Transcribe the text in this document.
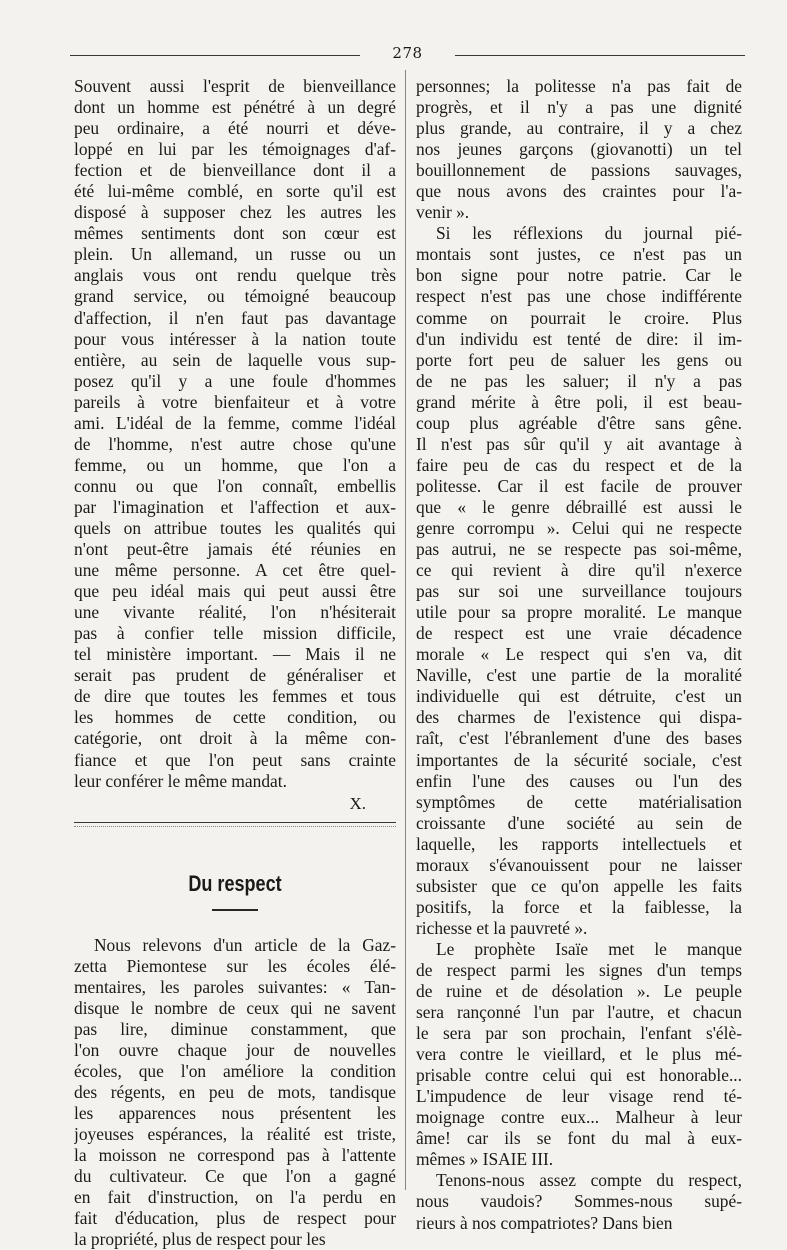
278
Souvent aussi l'esprit de bienveillance
dont un homme est pénétré à un degré
peu ordinaire, a été nourri et déve-
loppé en lui par les témoignages d'af-
fection et de bienveillance dont il a
été lui-même comblé, en sorte qu'il est
disposé à supposer chez les autres les
mêmes sentiments dont son cœur est
plein. Un allemand, un russe ou un
anglais vous ont rendu quelque très
grand service, ou témoigné beaucoup
d'affection, il n'en faut pas davantage
pour vous intéresser à la nation toute
entière, au sein de laquelle vous sup-
posez qu'il y a une foule d'hommes
pareils à votre bienfaiteur et à votre
ami. L'idéal de la femme, comme l'idéal
de l'homme, n'est autre chose qu'une
femme, ou un homme, que l'on a
connu ou que l'on connaît, embellis
par l'imagination et l'affection et aux-
quels on attribue toutes les qualités qui
n'ont peut-être jamais été réunies en
une même personne. A cet être quel-
que peu idéal mais qui peut aussi être
une vivante réalité, l'on n'hésiterait
pas à confier telle mission difficile,
tel ministère important. — Mais il ne
serait pas prudent de généraliser et
de dire que toutes les femmes et tous
les hommes de cette condition, ou
catégorie, ont droit à la même con-
fiance et que l'on peut sans crainte
leur conférer le même mandat.
X.
Du respect
Nous relevons d'un article de la Gaz-
zetta Piemontese sur les écoles élé-
mentaires, les paroles suivantes: « Tan-
disque le nombre de ceux qui ne savent
pas lire, diminue constamment, que
l'on ouvre chaque jour de nouvelles
écoles, que l'on améliore la condition
des régents, en peu de mots, tandisque
les apparences nous présentent les
joyeuses espérances, la réalité est triste,
la moisson ne correspond pas à l'attente
du cultivateur. Ce que l'on a gagné
en fait d'instruction, on l'a perdu en
fait d'éducation, plus de respect pour
la propriété, plus de respect pour les
personnes; la politesse n'a pas fait de
progrès, et il n'y a pas une dignité
plus grande, au contraire, il y a chez
nos jeunes garçons (giovanotti) un tel
bouillonnement de passions sauvages,
que nous avons des craintes pour l'a-
venir ».
Si les réflexions du journal pié-
montais sont justes, ce n'est pas un
bon signe pour notre patrie. Car le
respect n'est pas une chose indifférente
comme on pourrait le croire. Plus
d'un individu est tenté de dire: il im-
porte fort peu de saluer les gens ou
de ne pas les saluer; il n'y a pas
grand mérite à être poli, il est beau-
coup plus agréable d'être sans gêne.
Il n'est pas sûr qu'il y ait avantage à
faire peu de cas du respect et de la
politesse. Car il est facile de prouver
que « le genre débraillé est aussi le
genre corrompu ». Celui qui ne respecte
pas autrui, ne se respecte pas soi-même,
ce qui revient à dire qu'il n'exerce
pas sur soi une surveillance toujours
utile pour sa propre moralité. Le manque
de respect est une vraie décadence
morale « Le respect qui s'en va, dit
Naville, c'est une partie de la moralité
individuelle qui est détruite, c'est un
des charmes de l'existence qui dispa-
raît, c'est l'ébranlement d'une des bases
importantes de la sécurité sociale, c'est
enfin l'une des causes ou l'un des
symptômes de cette matérialisation
croissante d'une société au sein de
laquelle, les rapports intellectuels et
moraux s'évanouissent pour ne laisser
subsister que ce qu'on appelle les faits
positifs, la force et la faiblesse, la
richesse et la pauvreté ».
Le prophète Isaïe met le manque
de respect parmi les signes d'un temps
de ruine et de désolation ». Le peuple
sera rançonné l'un par l'autre, et chacun
le sera par son prochain, l'enfant s'élè-
vera contre le vieillard, et le plus mé-
prisable contre celui qui est honorable...
L'impudence de leur visage rend té-
moignage contre eux... Malheur à leur
âme! car ils se font du mal à eux-
mêmes » ISAIE III.
Tenons-nous assez compte du respect,
nous vaudois? Sommes-nous supé-
rieurs à nos compatriotes? Dans bien
